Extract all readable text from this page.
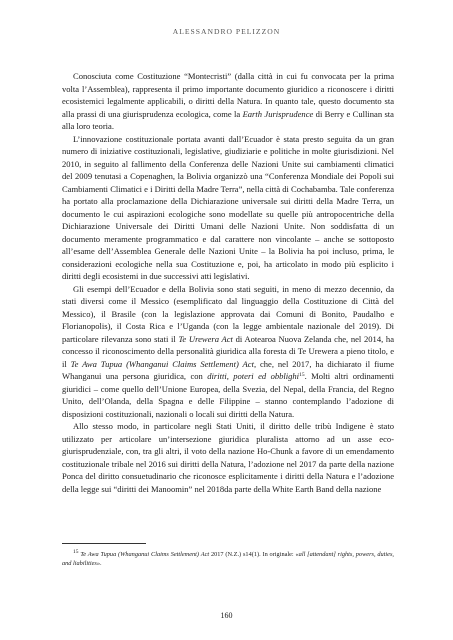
ALESSANDRO PELIZZON

Conosciuta come Costituzione “Montecristi” (dalla città in cui fu convocata per la prima volta l’Assemblea), rappresenta il primo importante documento giuridico a riconoscere i diritti ecosistemici legalmente applicabili, o diritti della Natura. In quanto tale, questo documento sta alla prassi di una giurisprudenza ecologica, come la Earth Jurisprudence di Berry e Cullinan sta alla loro teoria.

L’innovazione costituzionale portata avanti dall’Ecuador è stata presto seguita da un gran numero di iniziative costituzionali, legislative, giudiziarie e politiche in molte giurisdizioni. Nel 2010, in seguito al fallimento della Conferenza delle Nazioni Unite sui cambiamenti climatici del 2009 tenutasi a Copenaghen, la Bolivia organizzò una “Conferenza Mondiale dei Popoli sui Cambiamenti Climatici e i Diritti della Madre Terra”, nella città di Cochabamba. Tale conferenza ha portato alla proclamazione della Dichiarazione universale sui diritti della Madre Terra, un documento le cui aspirazioni ecologiche sono modellate su quelle più antropocentriche della Dichiarazione Universale dei Diritti Umani delle Nazioni Unite. Non soddisfatta di un documento meramente programmatico e dal carattere non vincolante – anche se sottoposto all’esame dell’Assemblea Generale delle Nazioni Unite – la Bolivia ha poi incluso, prima, le considerazioni ecologiche nella sua Costituzione e, poi, ha articolato in modo più esplicito i diritti degli ecosistemi in due successivi atti legislativi.

Gli esempi dell’Ecuador e della Bolivia sono stati seguiti, in meno di mezzo decennio, da stati diversi come il Messico (esemplificato dal linguaggio della Costituzione di Città del Messico), il Brasile (con la legislazione approvata dai Comuni di Bonito, Paudalho e Florianopolis), il Costa Rica e l’Uganda (con la legge ambientale nazionale del 2019). Di particolare rilevanza sono stati il Te Urewera Act di Aotearoa Nuova Zelanda che, nel 2014, ha concesso il riconoscimento della personalità giuridica alla foresta di Te Urewera a pieno titolo, e il Te Awa Tupua (Whanganui Claims Settlement) Act, che, nel 2017, ha dichiarato il fiume Whanganui una persona giuridica, con diritti, poteri ed obblighi$^{15}$. Molti altri ordinamenti giuridici – come quello dell’Unione Europea, della Svezia, del Nepal, della Francia, del Regno Unito, dell’Olanda, della Spagna e delle Filippine – stanno contemplando l’adozione di disposizioni costituzionali, nazionali o locali sui diritti della Natura.

Allo stesso modo, in particolare negli Stati Uniti, il diritto delle tribù Indigene è stato utilizzato per articolare un’intersezione giuridica pluralista attorno ad un asse eco-giurisprudenziale, con, tra gli altri, il voto della nazione Ho-Chunk a favore di un emendamento costituzionale tribale nel 2016 sui diritti della Natura, l’adozione nel 2017 da parte della nazione Ponca del diritto consuetudinario che riconosce esplicitamente i diritti della Natura e l’adozione della legge sui “diritti dei Manoomin” nel 2018da parte della White Earth Band della nazione

$^{15}$ Te Awa Tupua (Whanganui Claims Settlement) Act 2017 (N.Z.) s14(1). In originale: «all [attendant] rights, powers, duties, and liabilities».

160
